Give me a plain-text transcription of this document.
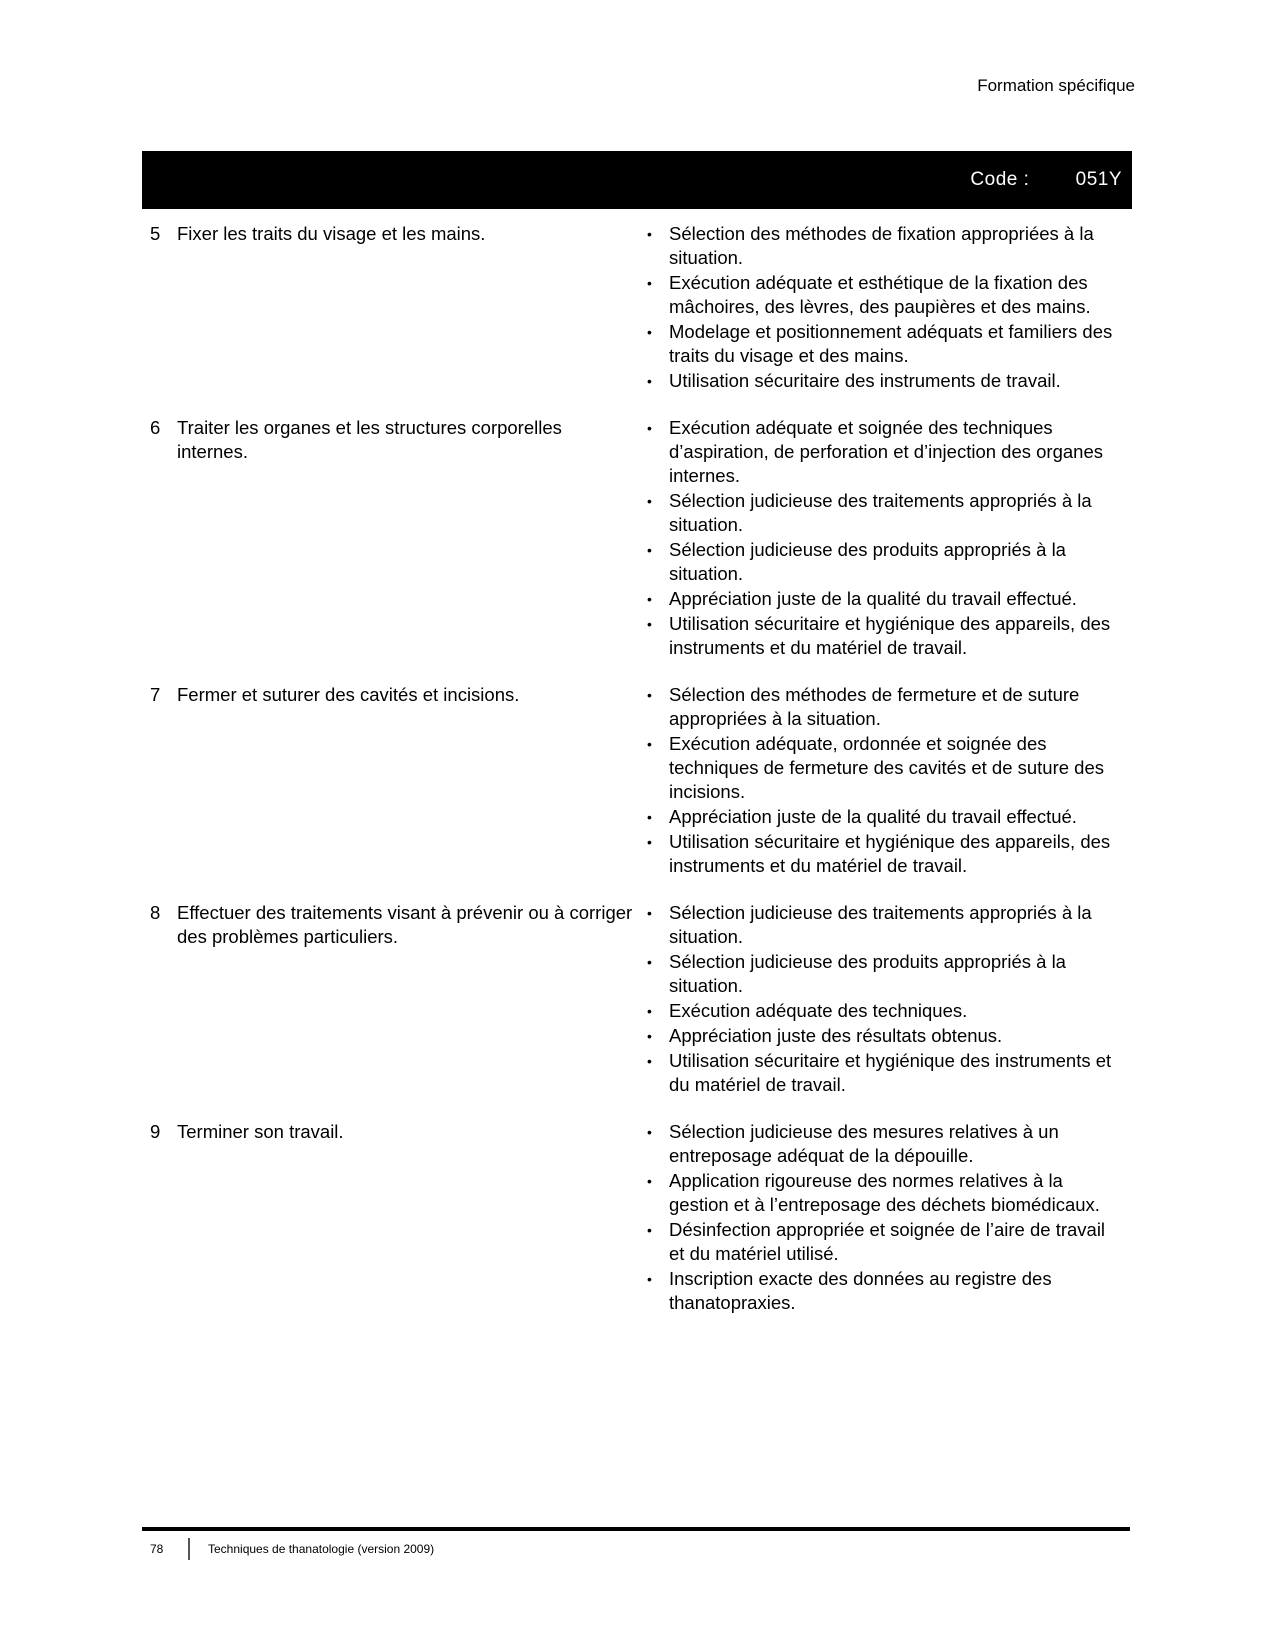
Formation spécifique
Code : 051Y
5 Fixer les traits du visage et les mains.	• Sélection des méthodes de fixation appropriées à la situation.
• Exécution adéquate et esthétique de la fixation des mâchoires, des lèvres, des paupières et des mains.
• Modelage et positionnement adéquats et familiers des traits du visage et des mains.
• Utilisation sécuritaire des instruments de travail.
6 Traiter les organes et les structures corporelles internes.
• Exécution adéquate et soignée des techniques d’aspiration, de perforation et d’injection des organes internes.
• Sélection judicieuse des traitements appropriés à la situation.
• Sélection judicieuse des produits appropriés à la situation.
• Appréciation juste de la qualité du travail effectué.
• Utilisation sécuritaire et hygiénique des appareils, des instruments et du matériel de travail.
7 Fermer et suturer des cavités et incisions.	• Sélection des méthodes de fermeture et de suture appropriées à la situation.
• Exécution adéquate, ordonnée et soignée des techniques de fermeture des cavités et de suture des incisions.
• Appréciation juste de la qualité du travail effectué.
• Utilisation sécuritaire et hygiénique des appareils, des instruments et du matériel de travail.
8 Effectuer des traitements visant à prévenir ou à corriger des problèmes particuliers.
• Sélection judicieuse des traitements appropriés à la situation.
• Sélection judicieuse des produits appropriés à la situation.
• Exécution adéquate des techniques.
• Appréciation juste des résultats obtenus.
• Utilisation sécuritaire et hygiénique des instruments et du matériel de travail.
9 Terminer son travail.	• Sélection judicieuse des mesures relatives à un entreposage adéquat de la dépouille.
• Application rigoureuse des normes relatives à la gestion et à l’entreposage des déchets biomédicaux.
• Désinfection appropriée et soignée de l’aire de travail et du matériel utilisé.
• Inscription exacte des données au registre des thanatopraxies.
78	Techniques de thanatologie (version 2009)
